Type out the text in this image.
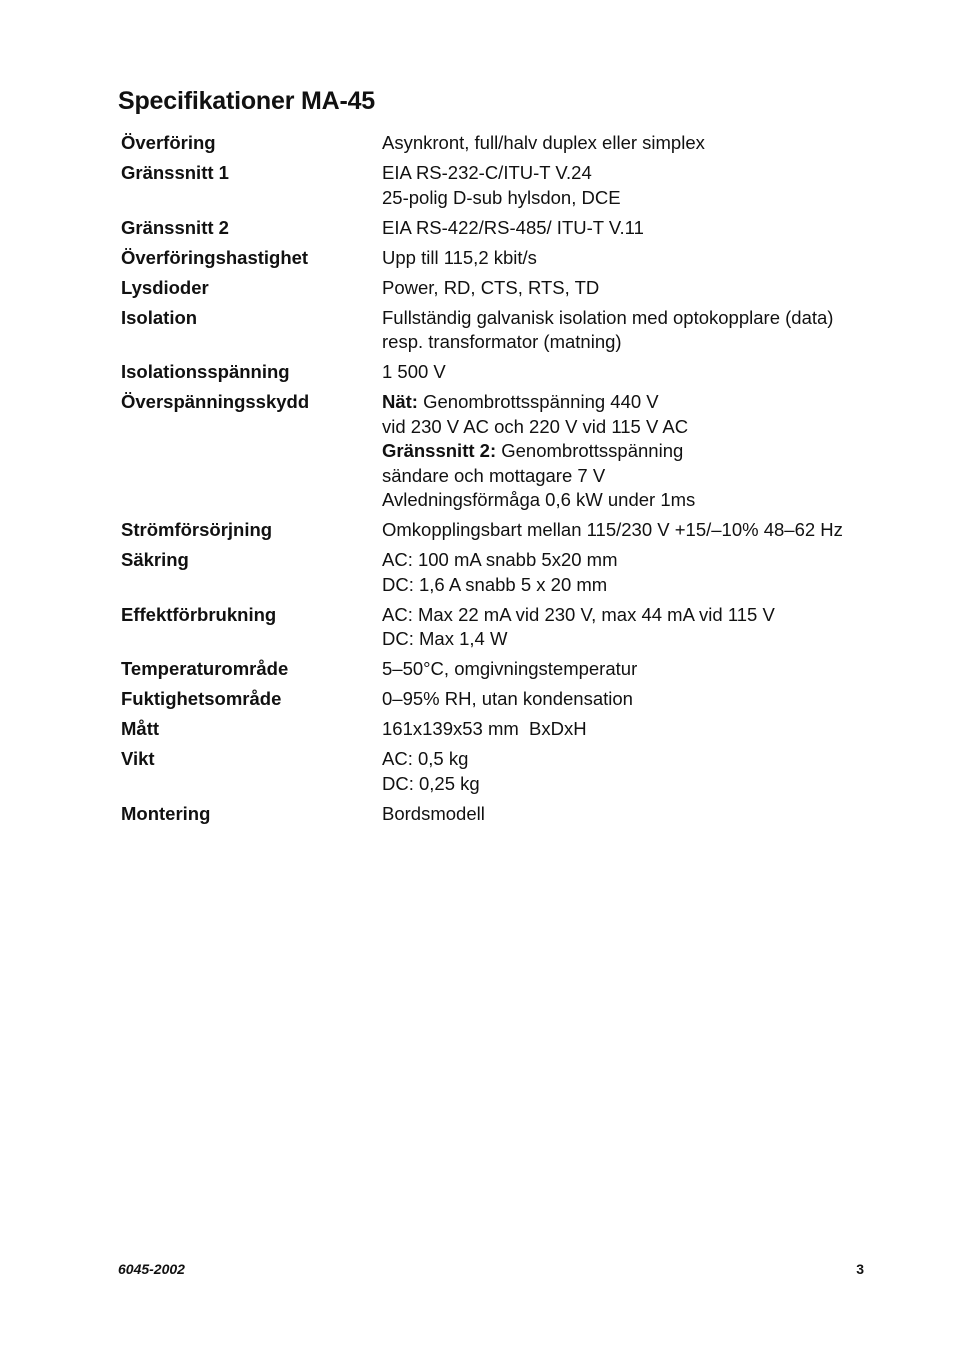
Specifikationer MA-45
Överföring	Asynkront, full/halv duplex eller simplex
Gränssnitt 1	EIA RS-232-C/ITU-T V.24
25-polig D-sub hylsdon, DCE
Gränssnitt 2	EIA RS-422/RS-485/ ITU-T V.11
Överföringshastighet	Upp till 115,2 kbit/s
Lysdioder	Power, RD, CTS, RTS, TD
Isolation	Fullständig galvanisk isolation med optokopplare (data)
resp. transformator (matning)
Isolationsspänning	1 500 V
Överspänningsskydd	Nät: Genombrottsspänning 440 V
vid 230 V AC och 220 V vid 115 V AC
Gränssnitt 2: Genombrottsspänning
sändare och mottagare 7 V
Avledningsförmåga 0,6 kW under 1ms
Strömförsörjning	Omkopplingsbart mellan 115/230 V +15/–10% 48–62 Hz
Säkring	AC: 100 mA snabb 5x20 mm
DC: 1,6 A snabb 5 x 20 mm
Effektförbrukning	AC: Max 22 mA vid 230 V, max 44 mA vid 115 V
DC: Max 1,4 W
Temperaturområde	5–50°C, omgivningstemperatur
Fuktighetsområde	0–95% RH, utan kondensation
Mått	161x139x53 mm  BxDxH
Vikt	AC: 0,5 kg
DC: 0,25 kg
Montering	Bordsmodell
6045-2002	3
